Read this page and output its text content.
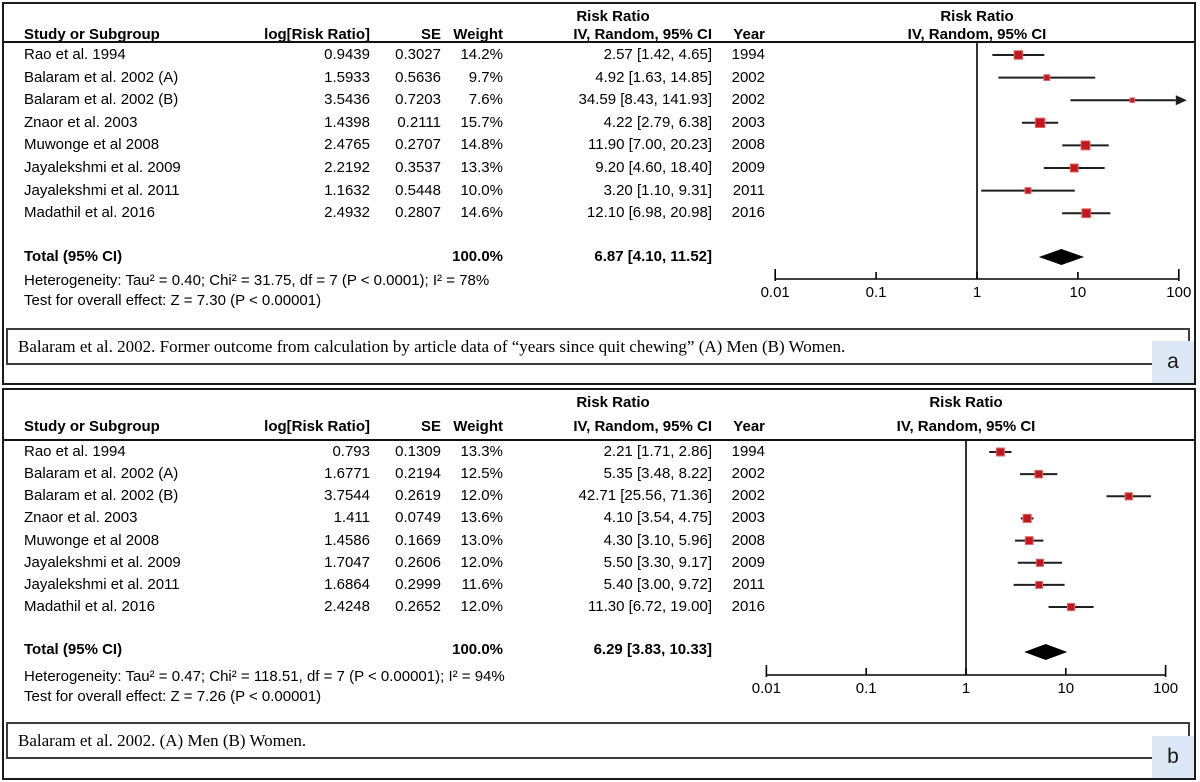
Risk Ratio	Risk Ratio
Study or Subgroup	log[Risk Ratio]	SE Weight	IV, Random, 95% CI	Year	IV, Random, 95% CI
Rao et al. 1994	0.9439	0.3027	14.2%	2.57 [1.42, 4.65]	1994
Balaram et al. 2002 (A)	1.5933	0.5636	9.7%	4.92 [1.63, 14.85]	2002
Balaram et al. 2002 (B)	3.5436	0.7203	7.6%	34.59 [8.43, 141.93]	2002
Znaor et al. 2003	1.4398	0.2111	15.7%	4.22 [2.79, 6.38]	2003
Muwonge et al 2008	2.4765	0.2707	14.8%	11.90 [7.00, 20.23]	2008
Jayalekshmi et al. 2009	2.2192	0.3537	13.3%	9.20 [4.60, 18.40]	2009
Jayalekshmi et al. 2011	1.1632	0.5448	10.0%	3.20 [1.10, 9.31]	2011
Madathil et al. 2016	2.4932	0.2807	14.6%	12.10 [6.98, 20.98]	2016
Total (95% CI)	100.0%	6.87 [4.10, 11.52]
Heterogeneity: Tau² = 0.40; Chi² = 31.75, df = 7 (P < 0.0001); I² = 78%
Test for overall effect: Z = 7.30 (P < 0.00001)
Balaram et al. 2002. Former outcome from calculation by article data of “years since quit chewing” (A) Men (B) Women.
a
0.01	0.1	1	10	100
Risk Ratio	Risk Ratio
Study or Subgroup	log[Risk Ratio]	SE Weight	IV, Random, 95% CI	Year	IV, Random, 95% CI
Rao et al. 1994	0.793	0.1309	13.3%	2.21 [1.71, 2.86]	1994
Balaram et al. 2002 (A)	1.6771	0.2194	12.5%	5.35 [3.48, 8.22]	2002
Balaram et al. 2002 (B)	3.7544	0.2619	12.0%	42.71 [25.56, 71.36]	2002
Znaor et al. 2003	1.411	0.0749	13.6%	4.10 [3.54, 4.75]	2003
Muwonge et al 2008	1.4586	0.1669	13.0%	4.30 [3.10, 5.96]	2008
Jayalekshmi et al. 2009	1.7047	0.2606	12.0%	5.50 [3.30, 9.17]	2009
Jayalekshmi et al. 2011	1.6864	0.2999	11.6%	5.40 [3.00, 9.72]	2011
Madathil et al. 2016	2.4248	0.2652	12.0%	11.30 [6.72, 19.00]	2016
Total (95% CI)	100.0%	6.29 [3.83, 10.33]
Heterogeneity: Tau² = 0.47; Chi² = 118.51, df = 7 (P < 0.00001); I² = 94%
Test for overall effect: Z = 7.26 (P < 0.00001)
Balaram et al. 2002. (A) Men (B) Women.
b
0.01	0.1	1	10	100
